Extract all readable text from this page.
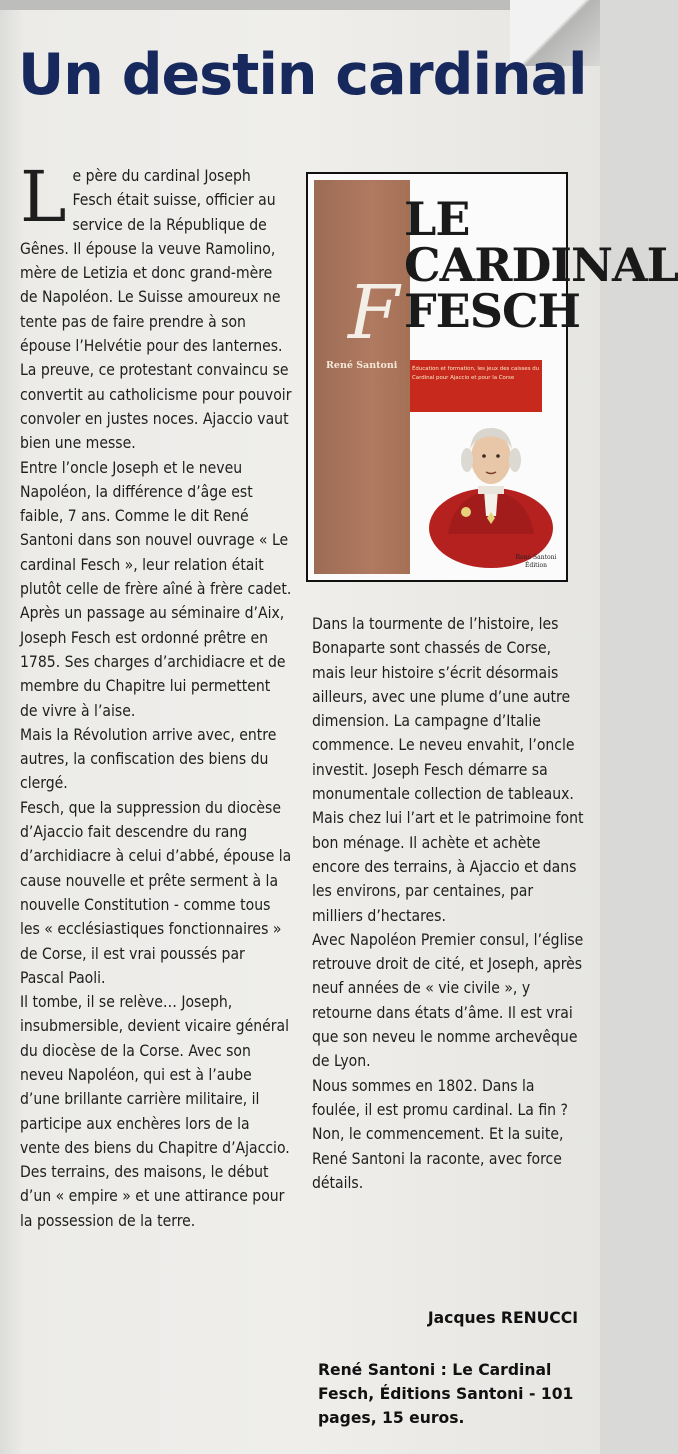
Un destin cardinal
L e père du cardinal Joseph Fesch était suisse, officier au service de la République de Gênes. Il épouse la veuve Ramolino, mère de Letizia et donc grand-mère de Napoléon. Le Suisse amoureux ne tente pas de faire prendre à son épouse l’Helvétie pour des lanternes. La preuve, ce protestant convaincu se convertit au catholicisme pour pouvoir convoler en justes noces. Ajaccio vaut bien une messe.

Entre l’oncle Joseph et le neveu Napoléon, la différence d’âge est faible, 7 ans. Comme le dit René Santoni dans son nouvel ouvrage « Le cardinal Fesch », leur relation était plutôt celle de frère aîné à frère cadet.

Après un passage au séminaire d’Aix, Joseph Fesch est ordonné prêtre en 1785. Ses charges d’archidiacre et de membre du Chapitre lui permettent de vivre à l’aise.

Mais la Révolution arrive avec, entre autres, la confiscation des biens du clergé.

Fesch, que la suppression du diocèse d’Ajaccio fait descendre du rang d’archidiacre à celui d’abbé, épouse la cause nouvelle et prête serment à la nouvelle Constitution - comme tous les « ecclésiastiques fonctionnaires » de Corse, il est vrai poussés par Pascal Paoli.

Il tombe, il se relève… Joseph, insubmersible, devient vicaire général du diocèse de la Corse. Avec son neveu Napoléon, qui est à l’aube d’une brillante carrière militaire, il participe aux enchères lors de la vente des biens du Chapitre d’Ajaccio. Des terrains, des maisons, le début d’un « empire » et une attirance pour la possession de la terre.

F
René Santoni
LE CARDINAL FESCH
Éducation et formation, les jeux des caisses du Cardinal pour Ajaccio et pour la Corse
René Santoni Édition

Dans la tourmente de l’histoire, les Bonaparte sont chassés de Corse, mais leur histoire s’écrit désormais ailleurs, avec une plume d’une autre dimension. La campagne d’Italie commence. Le neveu envahit, l’oncle investit. Joseph Fesch démarre sa monumentale collection de tableaux.

Mais chez lui l’art et le patrimoine font bon ménage. Il achète et achète encore des terrains, à Ajaccio et dans les environs, par centaines, par milliers d’hectares.

Avec Napoléon Premier consul, l’église retrouve droit de cité, et Joseph, après neuf années de « vie civile », y retourne dans états d’âme. Il est vrai que son neveu le nomme archevêque de Lyon.

Nous sommes en 1802. Dans la foulée, il est promu cardinal. La fin ? Non, le commencement. Et la suite, René Santoni la raconte, avec force détails.

Jacques RENUCCI

René Santoni : Le Cardinal Fesch, Éditions Santoni - 101 pages, 15 euros.
